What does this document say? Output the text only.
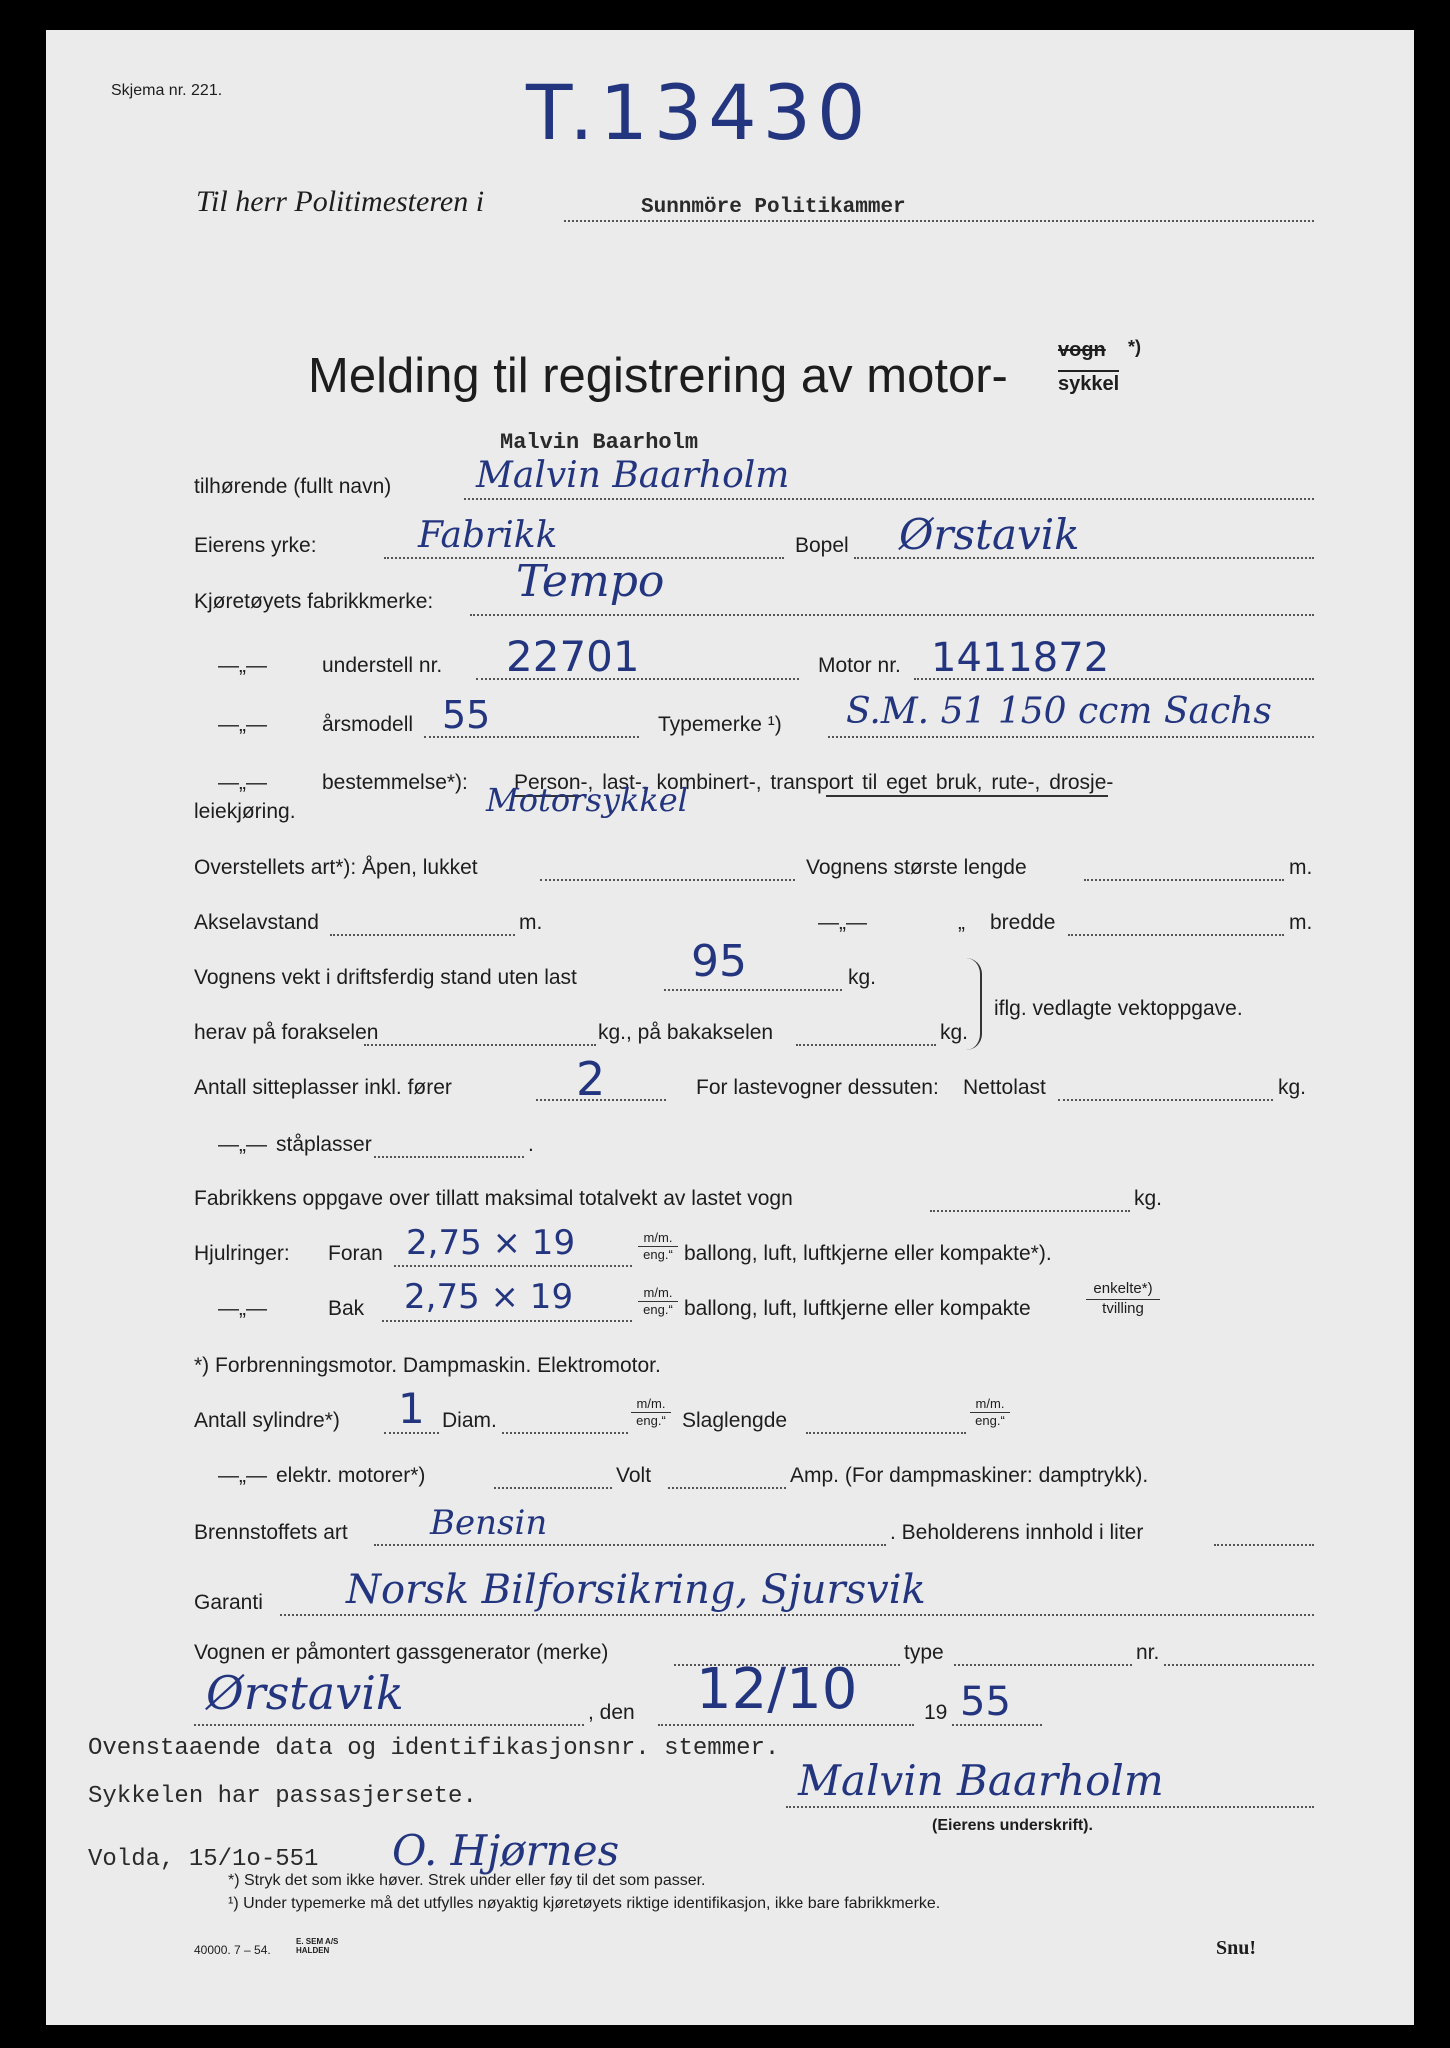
Skjema nr. 221.	T.13430
Til herr Politimesteren i	Sunnmöre Politikammer
Melding til registrering av motor-	vogn *)
sykkel
Malvin Baarholm
tilhørende (fullt navn) Malvin Baarholm
Eierens yrke:	Fabrikk	Bopel Ørstavik
Kjøretøyets fabrikkmerke: Tempo
—„—	understell nr. 22701	Motor nr. 1411872
—„—	årsmodell 55	Typemerke ¹) S.M. 51 150 ccm Sachs
—„—	bestemmelse*): Person-, last-, kombinert-, transport til eget bruk, rute-, drosje-
leiekjøring.	Motorsykkel
Overstellets art*): Åpen, lukket	Vognens største lengde	m.
Akselavstand	m.	—„—	„ bredde	m.
Vognens vekt i driftsferdig stand uten last	95	kg.
herav på forakselen	kg., på bakakselen	kg.
iflg. vedlagte vektoppgave.
Antall sitteplasser inkl. fører	2	For lastevogner dessuten: Nettolast	kg.
—„— ståplasser	.
Fabrikkens oppgave over tillatt maksimal totalvekt av lastet vogn	kg.
Hjulringer: Foran 2,75 × 19	m/m.
eng.“ ballong, luft, luftkjerne eller kompakte*).
—„—	Bak 2,75 × 19	m/m.
eng.“ ballong, luft, luftkjerne eller kompakte
enkelte*)
tvilling
*) Forbrenningsmotor. Dampmaskin. Elektromotor.
Antall sylindre*) 1 Diam.
m/m.
eng.“ Slaglengde
m/m.
eng.“
—„— elektr. motorer*)	Volt	Amp. (For dampmaskiner: damptrykk).
Brennstoffets art Bensin	. Beholderens innhold i liter
Garanti Norsk Bilforsikring, Sjursvik
Vognen er påmontert gassgenerator (merke)	type	nr.
Ørstavik	, den 12/10	19 55
Ovenstaaende data og identifikasjonsnr. stemmer.
Sykkelen har passasjersete.	Malvin Baarholm
(Eierens underskrift).
Volda, 15/1o-551 O. Hjørnes
*) Stryk det som ikke høver. Strek under eller føy til det som passer.
¹) Under typemerke må det utfylles nøyaktig kjøretøyets riktige identifikasjon, ikke bare fabrikkmerke.
40000. 7 – 54.
E. SEM A/S
HALDEN	Snu!
